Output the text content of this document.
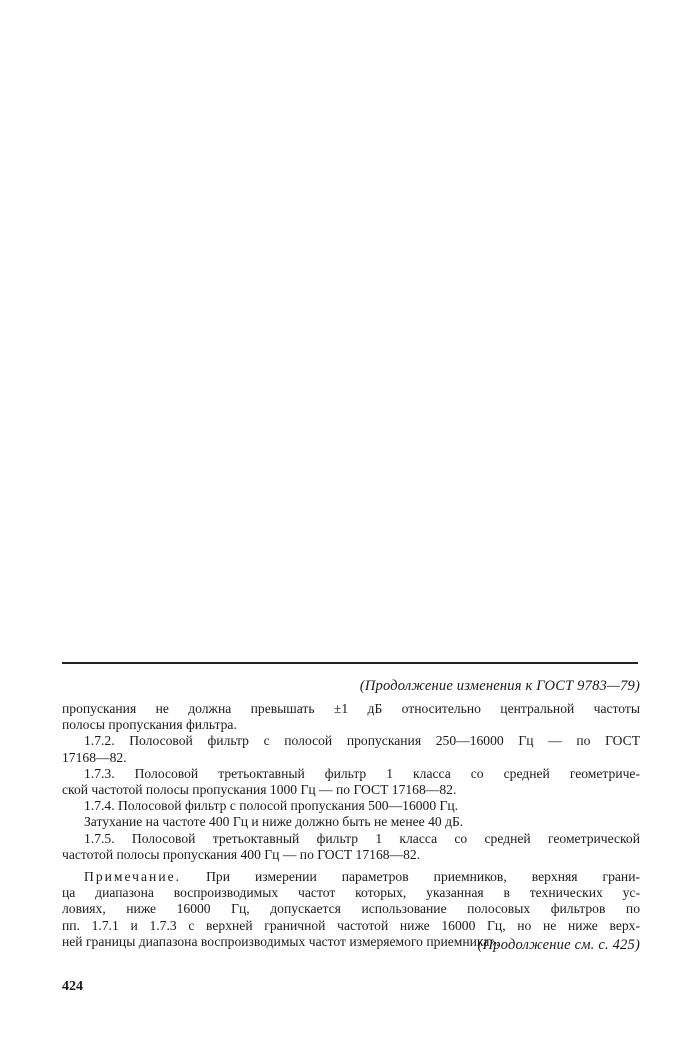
(Продолжение изменения к ГОСТ 9783—79)
пропускания не должна превышать ±1 дБ относительно центральной частоты
полосы пропускания фильтра.
1.7.2. Полосовой фильтр с полосой пропускания 250—16000 Гц — по ГОСТ
17168—82.
1.7.3. Полосовой третьоктавный фильтр 1 класса со средней геометриче-
ской частотой полосы пропускания 1000 Гц — по ГОСТ 17168—82.
1.7.4. Полосовой фильтр с полосой пропускания 500—16000 Гц.
Затухание на частоте 400 Гц и ниже должно быть не менее 40 дБ.
1.7.5. Полосовой третьоктавный фильтр 1 класса со средней геометрической
частотой полосы пропускания 400 Гц — по ГОСТ 17168—82.
Примечание. При измерении параметров приемников, верхняя грани-
ца диапазона воспроизводимых частот которых, указанная в технических ус-
ловиях, ниже 16000 Гц, допускается использование полосовых фильтров по
пп. 1.7.1 и 1.7.3 с верхней граничной частотой ниже 16000 Гц, но не ниже верх-
ней границы диапазона воспроизводимых частот измеряемого приемника».
(Продолжение см. с. 425)
424
